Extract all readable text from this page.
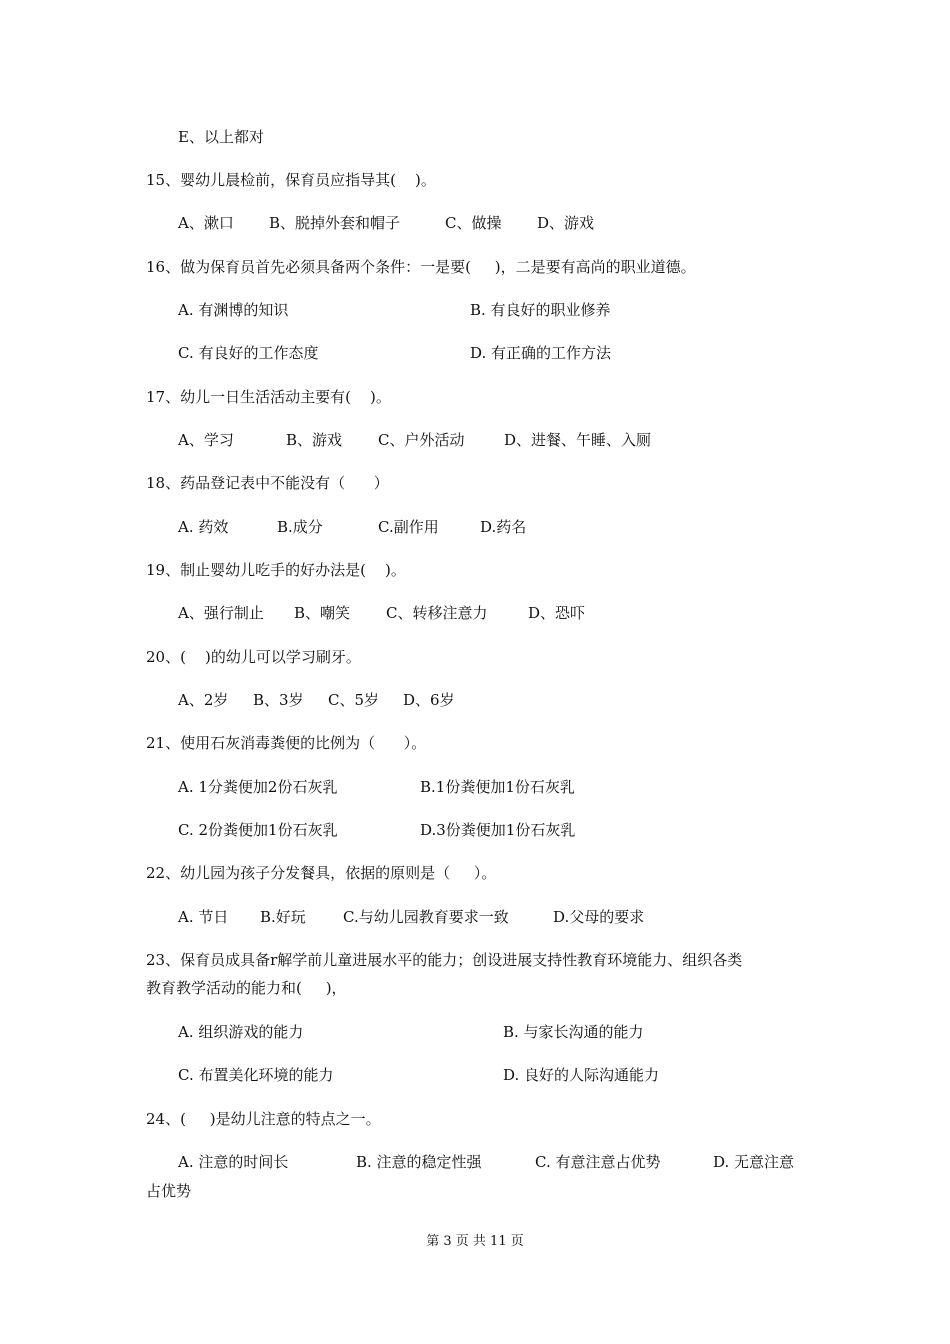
E、以上都对
15、婴幼儿晨检前，保育员应指导其(    )。
A、漱口 B、脱掉外套和帽子	C、做操 D、游戏
16、做为保育员首先必须具备两个条件：一是要(     )，二是要有高尚的职业道德。
A. 有渊博的知识	B. 有良好的职业修养
C. 有良好的工作态度	D. 有正确的工作方法
17、幼儿一日生活活动主要有(    )。
A、学习	B、游戏 C、户外活动	D、进餐、午睡、入厕
18、药品登记表中不能没有（      ）
A. 药效	B.成分	C.副作用	D.药名
19、制止婴幼儿吃手的好办法是(    )。
A、强行制止 B、嘲笑 C、转移注意力	D、恐吓
20、(    )的幼儿可以学习刷牙。
A、2岁 B、3岁 C、5岁 D、6岁
21、使用石灰消毒粪便的比例为（      ）。
A. 1分粪便加2份石灰乳	B.1份粪便加1份石灰乳
C. 2份粪便加1份石灰乳	D.3份粪便加1份石灰乳
22、幼儿园为孩子分发餐具，依据的原则是（     ）。
A. 节日 B.好玩 C.与幼儿园教育要求一致	D.父母的要求
23、保育员成具备r解学前儿童进展水平的能力；创设进展支持性教育环境能力、组织各类
教育教学活动的能力和(     )，
A. 组织游戏的能力	B. 与家长沟通的能力
C. 布置美化环境的能力	D. 良好的人际沟通能力
24、(     )是幼儿注意的特点之一。
A. 注意的时间长	B. 注意的稳定性强	C. 有意注意占优势	D. 无意注意
占优势
第 3 页 共 11 页
